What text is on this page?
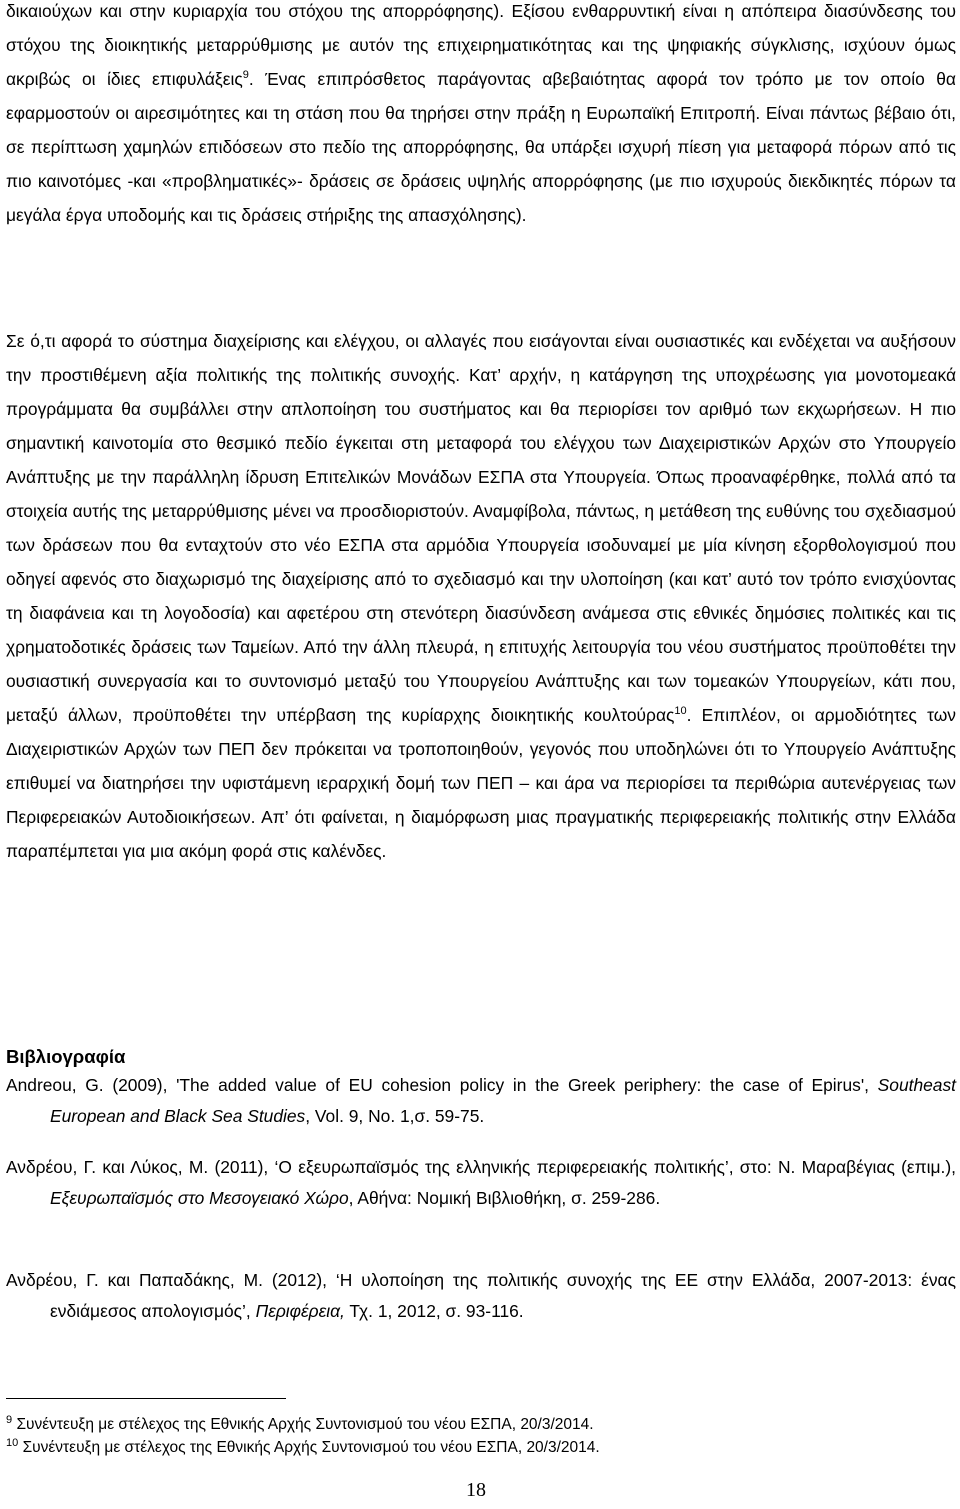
δικαιούχων και στην κυριαρχία του στόχου της απορρόφησης). Εξίσου ενθαρρυντική είναι η απόπειρα διασύνδεσης του στόχου της διοικητικής μεταρρύθμισης με αυτόν της επιχειρηματικότητας και της ψηφιακής σύγκλισης, ισχύουν όμως ακριβώς οι ίδιες επιφυλάξεις$^9$. Ένας επιπρόσθετος παράγοντας αβεβαιότητας αφορά τον τρόπο με τον οποίο θα εφαρμοστούν οι αιρεσιμότητες και τη στάση που θα τηρήσει στην πράξη η Ευρωπαϊκή Επιτροπή. Είναι πάντως βέβαιο ότι, σε περίπτωση χαμηλών επιδόσεων στο πεδίο της απορρόφησης, θα υπάρξει ισχυρή πίεση για μεταφορά πόρων από τις πιο καινοτόμες -και «προβληματικές»- δράσεις σε δράσεις υψηλής απορρόφησης (με πιο ισχυρούς διεκδικητές πόρων τα μεγάλα έργα υποδομής και τις δράσεις στήριξης της απασχόλησης).

Σε ό,τι αφορά το σύστημα διαχείρισης και ελέγχου, οι αλλαγές που εισάγονται είναι ουσιαστικές και ενδέχεται να αυξήσουν την προστιθέμενη αξία πολιτικής της πολιτικής συνοχής. Κατ’ αρχήν, η κατάργηση της υποχρέωσης για μονοτομεακά προγράμματα θα συμβάλλει στην απλοποίηση του συστήματος και θα περιορίσει τον αριθμό των εκχωρήσεων. Η πιο σημαντική καινοτομία στο θεσμικό πεδίο έγκειται στη μεταφορά του ελέγχου των Διαχειριστικών Αρχών στο Υπουργείο Ανάπτυξης με την παράλληλη ίδρυση Επιτελικών Μονάδων ΕΣΠΑ στα Υπουργεία. Όπως προαναφέρθηκε, πολλά από τα στοιχεία αυτής της μεταρρύθμισης μένει να προσδιοριστούν. Αναμφίβολα, πάντως, η μετάθεση της ευθύνης του σχεδιασμού των δράσεων που θα ενταχτούν στο νέο ΕΣΠΑ στα αρμόδια Υπουργεία ισοδυναμεί με μία κίνηση εξορθολογισμού που οδηγεί αφενός στο διαχωρισμό της διαχείρισης από το σχεδιασμό και την υλοποίηση (και κατ’ αυτό τον τρόπο ενισχύοντας τη διαφάνεια και τη λογοδοσία) και αφετέρου στη στενότερη διασύνδεση ανάμεσα στις εθνικές δημόσιες πολιτικές και τις χρηματοδοτικές δράσεις των Ταμείων. Από την άλλη πλευρά, η επιτυχής λειτουργία του νέου συστήματος προϋποθέτει την ουσιαστική συνεργασία και το συντονισμό μεταξύ του Υπουργείου Ανάπτυξης και των τομεακών Υπουργείων, κάτι που, μεταξύ άλλων, προϋποθέτει την υπέρβαση της κυρίαρχης διοικητικής κουλτούρας$^{10}$. Επιπλέον, οι αρμοδιότητες των Διαχειριστικών Αρχών των ΠΕΠ δεν πρόκειται να τροποποιηθούν, γεγονός που υποδηλώνει ότι το Υπουργείο Ανάπτυξης επιθυμεί να διατηρήσει την υφιστάμενη ιεραρχική δομή των ΠΕΠ – και άρα να περιορίσει τα περιθώρια αυτενέργειας των Περιφερειακών Αυτοδιοικήσεων. Απ’ ότι φαίνεται, η διαμόρφωση μιας πραγματικής περιφερειακής πολιτικής στην Ελλάδα παραπέμπεται για μια ακόμη φορά στις καλένδες.

Βιβλιογραφία

Andreou, G. (2009), 'The added value of EU cohesion policy in the Greek periphery: the case of Epirus', Southeast European and Black Sea Studies, Vol. 9, No. 1,σ. 59-75.

Ανδρέου, Γ. και Λύκος, Μ. (2011), ‘Ο εξευρωπαϊσμός της ελληνικής περιφερειακής πολιτικής’, στο: Ν. Μαραβέγιας (επιμ.), Εξευρωπαϊσμός στο Μεσογειακό Χώρο, Αθήνα: Νομική Βιβλιοθήκη, σ. 259-286.

Ανδρέου, Γ. και Παπαδάκης, Μ. (2012), ‘Η υλοποίηση της πολιτικής συνοχής της ΕΕ στην Ελλάδα, 2007-2013: ένας ενδιάμεσος απολογισμός’, Περιφέρεια, Τχ. 1, 2012, σ. 93-116.

$^9$ Συνέντευξη με στέλεχος της Εθνικής Αρχής Συντονισμού του νέου ΕΣΠΑ, 20/3/2014.

$^{10}$ Συνέντευξη με στέλεχος της Εθνικής Αρχής Συντονισμού του νέου ΕΣΠΑ, 20/3/2014.

18
